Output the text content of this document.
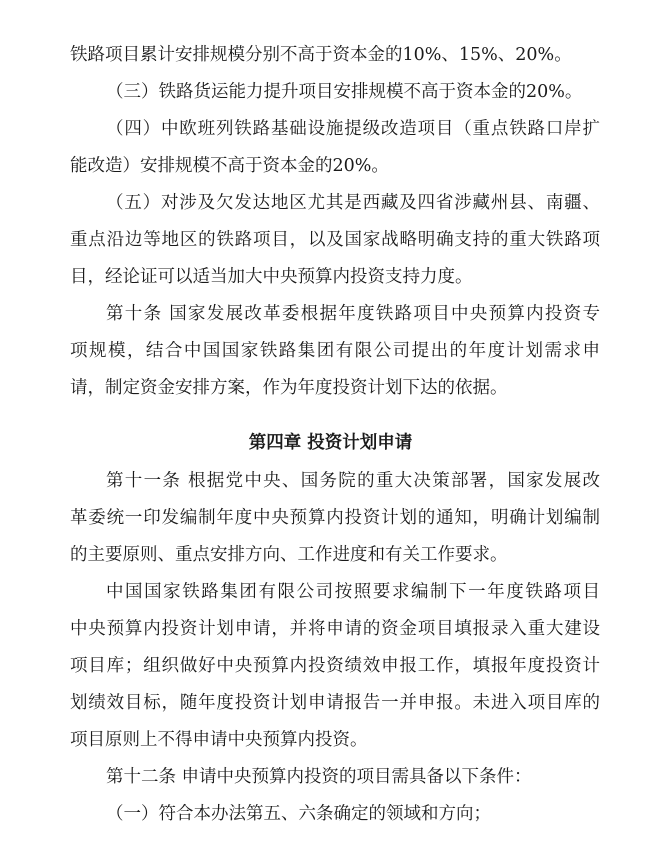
铁路项目累计安排规模分别不高于资本金的10%、15%、20%。
（三）铁路货运能力提升项目安排规模不高于资本金的20%。
（四）中欧班列铁路基础设施提级改造项目（重点铁路口岸扩
能改造）安排规模不高于资本金的20%。
（五）对涉及欠发达地区尤其是西藏及四省涉藏州县、南疆、
重点沿边等地区的铁路项目，以及国家战略明确支持的重大铁路项
目，经论证可以适当加大中央预算内投资支持力度。
第十条 国家发展改革委根据年度铁路项目中央预算内投资专
项规模，结合中国国家铁路集团有限公司提出的年度计划需求申
请，制定资金安排方案，作为年度投资计划下达的依据。
第四章 投资计划申请
第十一条 根据党中央、国务院的重大决策部署，国家发展改
革委统一印发编制年度中央预算内投资计划的通知，明确计划编制
的主要原则、重点安排方向、工作进度和有关工作要求。
中国国家铁路集团有限公司按照要求编制下一年度铁路项目
中央预算内投资计划申请，并将申请的资金项目填报录入重大建设
项目库；组织做好中央预算内投资绩效申报工作，填报年度投资计
划绩效目标，随年度投资计划申请报告一并申报。未进入项目库的
项目原则上不得申请中央预算内投资。
第十二条 申请中央预算内投资的项目需具备以下条件：
（一）符合本办法第五、六条确定的领域和方向；
